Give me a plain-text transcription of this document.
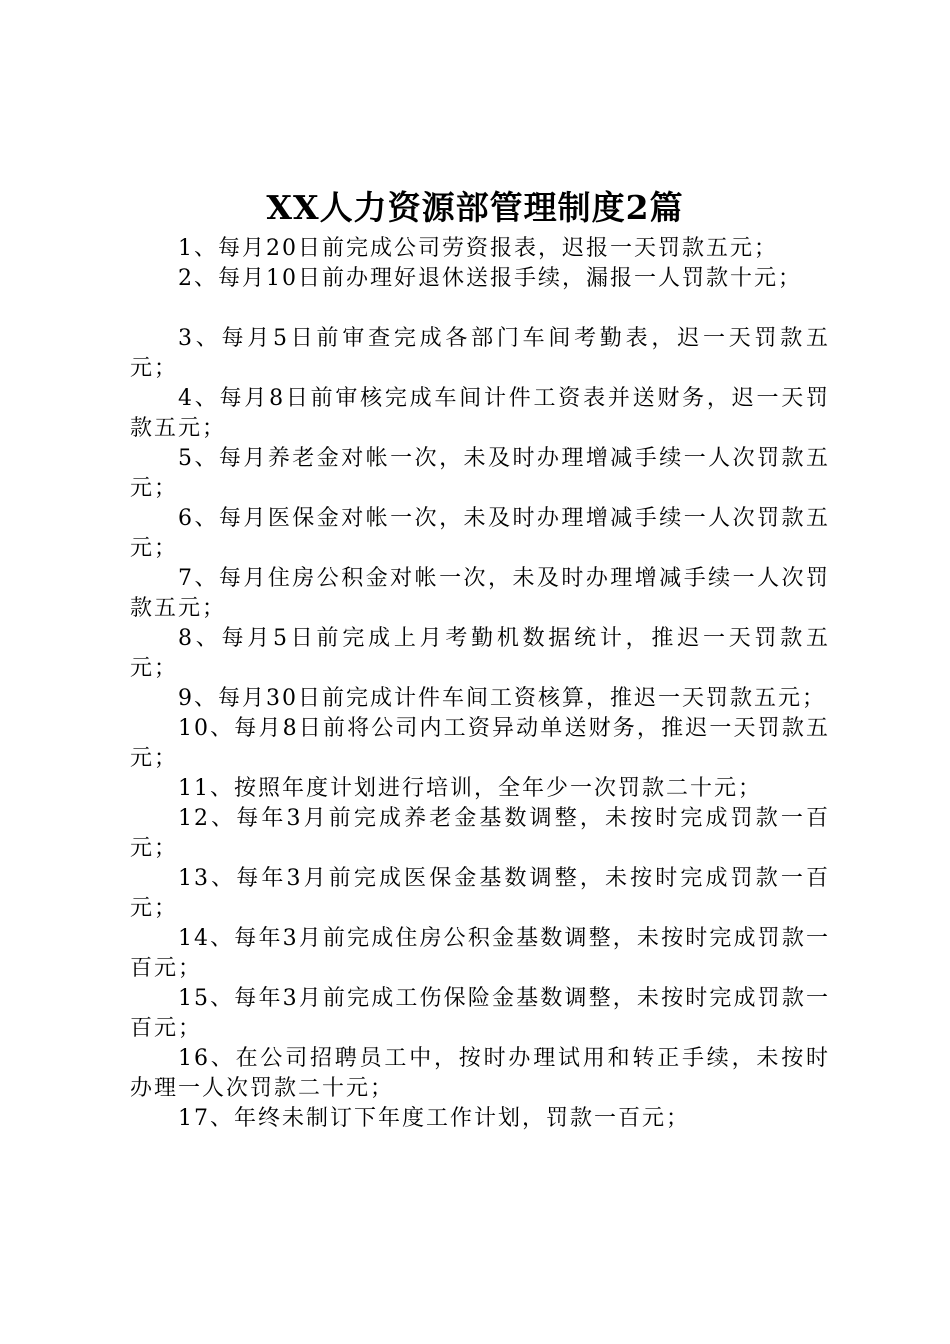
XX人力资源部管理制度2篇

1、每月20日前完成公司劳资报表，迟报一天罚款五元；

2、每月10日前办理好退休送报手续，漏报一人罚款十元；

3、每月5日前审查完成各部门车间考勤表，迟一天罚款五元；

4、每月8日前审核完成车间计件工资表并送财务，迟一天罚款五元；

5、每月养老金对帐一次，未及时办理增减手续一人次罚款五元；

6、每月医保金对帐一次，未及时办理增减手续一人次罚款五元；

7、每月住房公积金对帐一次，未及时办理增减手续一人次罚款五元；

8、每月5日前完成上月考勤机数据统计，推迟一天罚款五元；

9、每月30日前完成计件车间工资核算，推迟一天罚款五元；

10、每月8日前将公司内工资异动单送财务，推迟一天罚款五元；

11、按照年度计划进行培训，全年少一次罚款二十元；

12、每年3月前完成养老金基数调整，未按时完成罚款一百元；

13、每年3月前完成医保金基数调整，未按时完成罚款一百元；

14、每年3月前完成住房公积金基数调整，未按时完成罚款一百元；

15、每年3月前完成工伤保险金基数调整，未按时完成罚款一百元；

16、在公司招聘员工中，按时办理试用和转正手续，未按时办理一人次罚款二十元；

17、年终未制订下年度工作计划，罚款一百元；
